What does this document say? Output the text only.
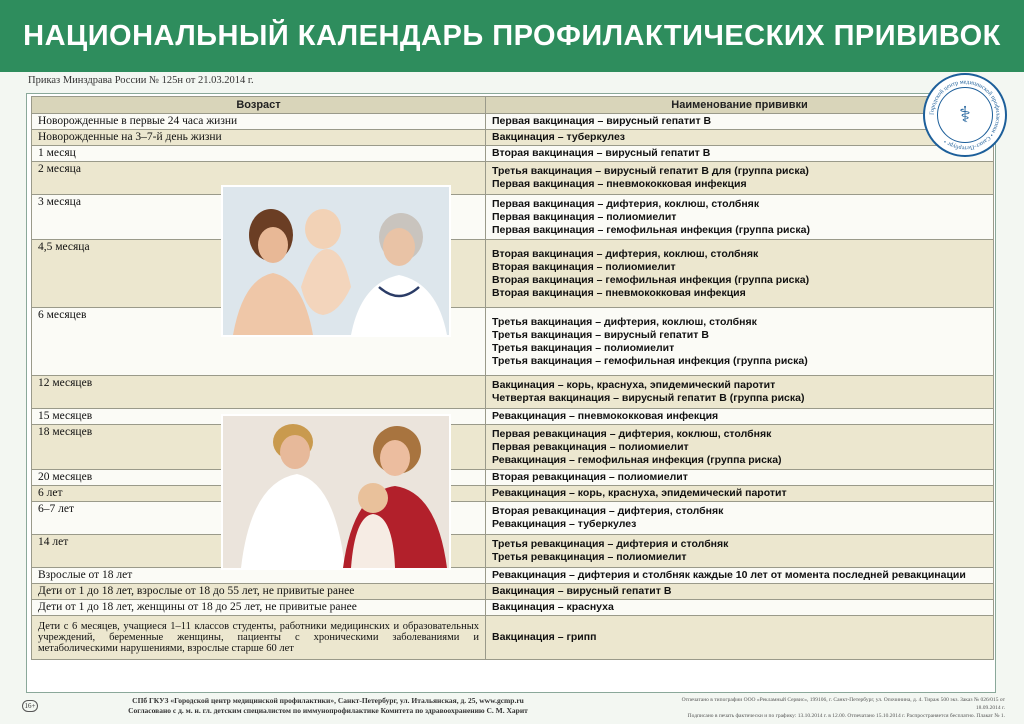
НАЦИОНАЛЬНЫЙ КАЛЕНДАРЬ ПРОФИЛАКТИЧЕСКИХ ПРИВИВОК
Приказ Минздрава России № 125н от 21.03.2014 г.
Возраст	Наименование прививки
Новорожденные в первые 24 часа жизни	Первая вакцинация – вирусный гепатит В

Новорожденные на 3–7-й день жизни	Вакцинация – туберкулез

1 месяц	Вторая вакцинация – вирусный гепатит В

2 месяца	Третья вакцинация – вирусный гепатит В для (группа риска)
Первая вакцинация – пневмококковая инфекция

3 месяца	Первая вакцинация – дифтерия, коклюш, столбняк
Первая вакцинация – полиомиелит
Первая вакцинация – гемофильная инфекция (группа риска)

4,5 месяца	Вторая вакцинация – дифтерия, коклюш, столбняк
Вторая вакцинация – полиомиелит
Вторая вакцинация – гемофильная инфекция (группа риска)
Вторая вакцинация – пневмококковая инфекция

6 месяцев	Третья вакцинация – дифтерия, коклюш, столбняк
Третья вакцинация – вирусный гепатит В
Третья вакцинация – полиомиелит
Третья вакцинация – гемофильная инфекция (группа риска)

12 месяцев	Вакцинация – корь, краснуха, эпидемический паротит
Четвертая вакцинация – вирусный гепатит В (группа риска)

15 месяцев	Ревакцинация – пневмококковая инфекция

18 месяцев	Первая ревакцинация – дифтерия, коклюш, столбняк
Первая ревакцинация – полиомиелит
Ревакцинация – гемофильная инфекция (группа риска)

20 месяцев	Вторая ревакцинация – полиомиелит

6 лет	Ревакцинация – корь, краснуха, эпидемический паротит

6–7 лет	Вторая ревакцинация – дифтерия, столбняк
Ревакцинация – туберкулез

14 лет	Третья ревакцинация – дифтерия и столбняк
Третья ревакцинация – полиомиелит

Взрослые от 18 лет	Ревакцинация – дифтерия и столбняк каждые 10 лет от момента последней ревакцинации

Дети от 1 до 18 лет, взрослые от 18 до 55 лет, не привитые ранее	Вакцинация – вирусный гепатит В

Дети от 1 до 18 лет, женщины от 18 до 25 лет, не привитые ранее	Вакцинация – краснуха

Дети с 6 месяцев, учащиеся 1–11 классов студенты, работники медицинских и образовательных учреждений, беременные женщины, пациенты с хроническими заболеваниями и метаболическими нарушениями, взрослые старше 60 лет	Вакцинация – грипп
Городской центр медицинской профилактики • Санкт-Петербург •
⚕
16+
СПб ГКУЗ «Городской центр медицинской профилактики», Санкт-Петербург, ул. Итальянская, д. 25, www.gcmp.ru
Согласовано с д. м. н. гл. детским специалистом по иммунопрофилактике Комитета по здравоохранению С. М. Харит
Отпечатано в типографии ООО «Рекламный Сервис», 199106, г. Санкт-Петербург, ул. Опочинина, д. 4. Тираж 500 экз. Заказ № 026/015 от 18.09.2014 г.
Подписано в печать фактически и по графику: 13.10.2014 г. в 12.00. Отпечатано 15.10.2014 г. Распространяется бесплатно. Плакат № 1.
